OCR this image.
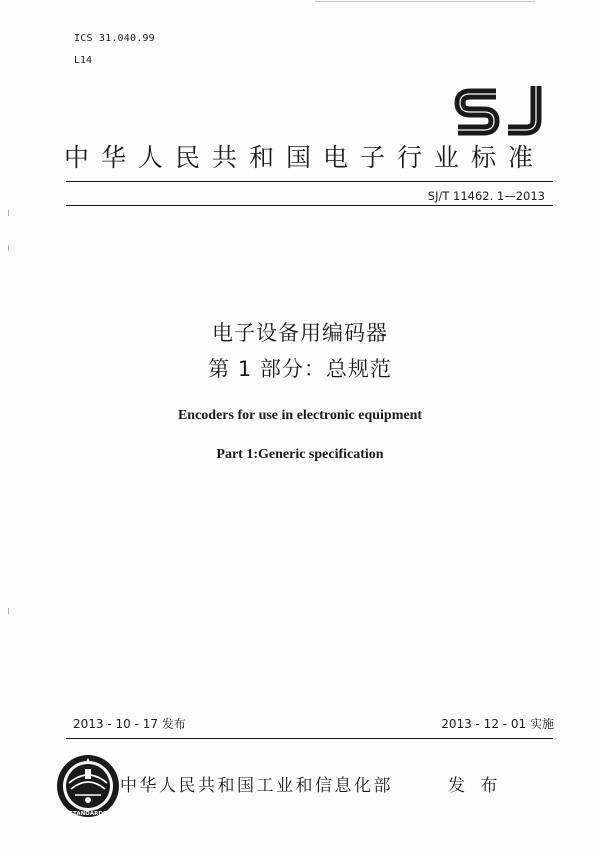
ICS 31.040.99
L14
中华人民共和国电子行业标准
SJ/T 11462. 1—2013
电子设备用编码器
第 1 部分：总规范
Encoders for use in electronic equipment
Part 1:Generic specification
2013 - 10 - 17 发布	2013 - 12 - 01 实施
STANDARDS
中华人民共和国工业和信息化部	发 布
